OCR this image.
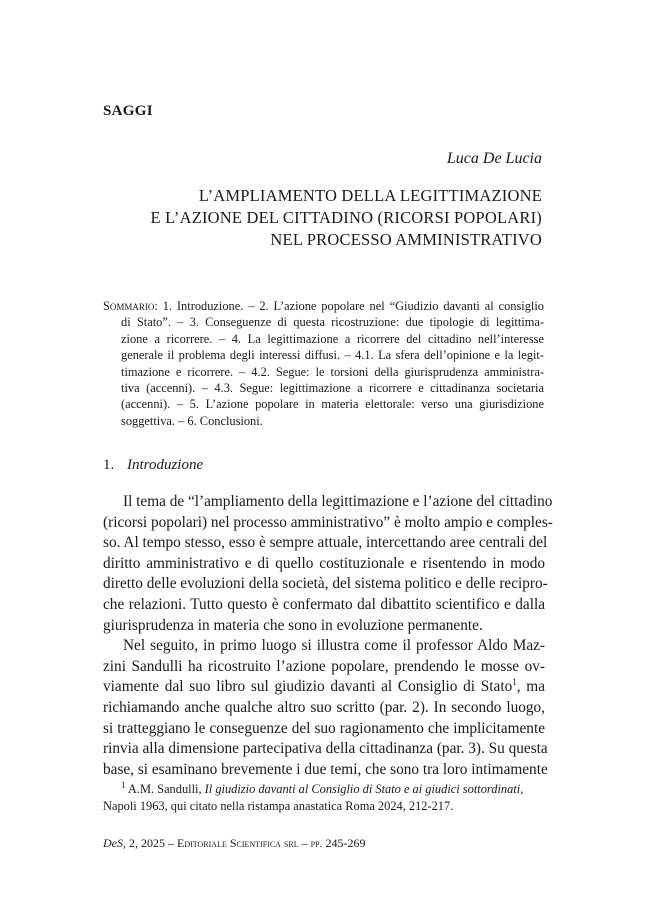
SAGGI
Luca De Lucia
L’AMPLIAMENTO DELLA LEGITTIMAZIONE
E L’AZIONE DEL CITTADINO (RICORSI POPOLARI)
NEL PROCESSO AMMINISTRATIVO
Sommario: 1. Introduzione. – 2. L’azione popolare nel “Giudizio davanti al consiglio
di Stato”. – 3. Conseguenze di questa ricostruzione: due tipologie di legittima-
zione a ricorrere. – 4. La legittimazione a ricorrere del cittadino nell’interesse
generale il problema degli interessi diffusi. – 4.1. La sfera dell’opinione e la legit-
timazione e ricorrere. – 4.2. Segue: le torsioni della giurisprudenza amministra-
tiva (accenni). – 4.3. Segue: legittimazione a ricorrere e cittadinanza societaria
(accenni). – 5. L’azione popolare in materia elettorale: verso una giurisdizione
soggettiva. – 6. Conclusioni.
1. Introduzione
Il tema de “l’ampliamento della legittimazione e l’azione del cittadino
(ricorsi popolari) nel processo amministrativo” è molto ampio e comples-
so. Al tempo stesso, esso è sempre attuale, intercettando aree centrali del
diritto amministrativo e di quello costituzionale e risentendo in modo
diretto delle evoluzioni della società, del sistema politico e delle recipro-
che relazioni. Tutto questo è confermato dal dibattito scientifico e dalla
giurisprudenza in materia che sono in evoluzione permanente.
Nel seguito, in primo luogo si illustra come il professor Aldo Maz-
zini Sandulli ha ricostruito l’azione popolare, prendendo le mosse ov-
viamente dal suo libro sul giudizio davanti al Consiglio di Stato$^1$, ma
richiamando anche qualche altro suo scritto (par. 2). In secondo luogo,
si tratteggiano le conseguenze del suo ragionamento che implicitamente
rinvia alla dimensione partecipativa della cittadinanza (par. 3). Su questa
base, si esaminano brevemente i due temi, che sono tra loro intimamente
$^1$ A.M. Sandulli, Il giudizio davanti al Consiglio di Stato e ai giudici sottordinati,
Napoli 1963, qui citato nella ristampa anastatica Roma 2024, 212-217.
DeS, 2, 2025 – Editoriale Scientifica srl – pp. 245-269
